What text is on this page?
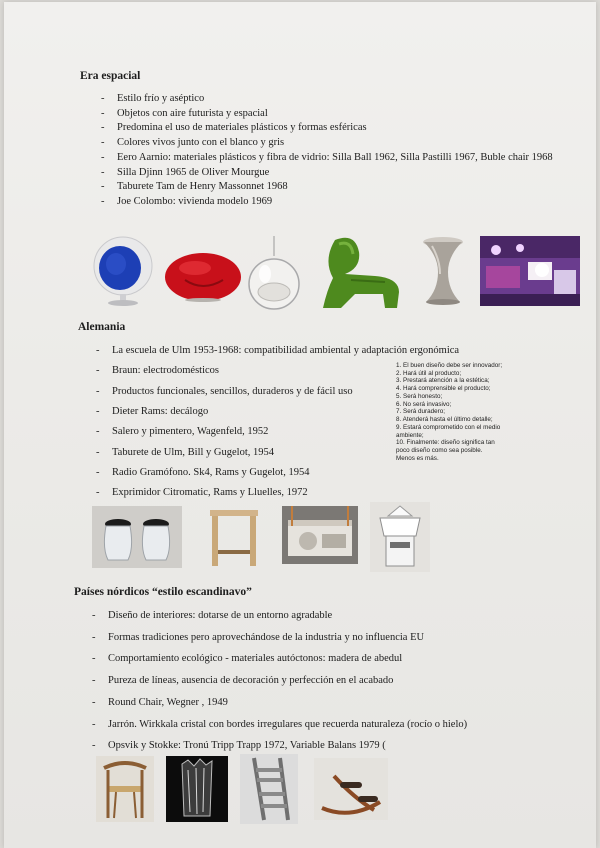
Era espacial
- Estilo frío y aséptico
- Objetos con aire futurista y espacial
- Predomina el uso de materiales plásticos y formas esféricas
- Colores vivos junto con el blanco y gris
- Eero Aarnio: materiales plásticos y fibra de vidrio: Silla Ball 1962, Silla Pastilli 1967, Buble chair 1968
- Silla Djinn 1965 de Oliver Mourgue
- Taburete Tam de Henry Massonnet 1968
- Joe Colombo: vivienda modelo 1969
Alemania
- La escuela de Ulm 1953-1968: compatibilidad ambiental y adaptación ergonómica
- Braun: electrodomésticos
- Productos funcionales, sencillos, duraderos y de fácil uso
- Dieter Rams: decálogo
- Salero y pimentero, Wagenfeld, 1952
- Taburete de Ulm, Bill y Gugelot, 1954
- Radio Gramófono. Sk4, Rams y Gugelot, 1954
- Exprimidor Citromatic, Rams y Lluelles, 1972
1. El buen diseño debe ser innovador;
2. Hará útil al producto;
3. Prestará atención a la estética;
4. Hará comprensible el producto;
5. Será honesto;
6. No será invasivo;
7. Será duradero;
8. Atenderá hasta el último detalle;
9. Estará comprometido con el medio
ambiente;
10. Finalmente: diseño significa tan
poco diseño como sea posible.
Menos es más.
Países nórdicos “estilo escandinavo”
- Diseño de interiores: dotarse de un entorno agradable
- Formas tradiciones pero aprovechándose de la industria y no influencia EU
- Comportamiento ecológico - materiales autóctonos: madera de abedul
- Pureza de líneas, ausencia de decoración y perfección en el acabado
- Round Chair, Wegner , 1949
- Jarrón. Wirkkala cristal con bordes irregulares que recuerda naturaleza (rocío o hielo)
- Opsvik y Stokke: Tronú Tripp Trapp 1972, Variable Balans 1979 (
